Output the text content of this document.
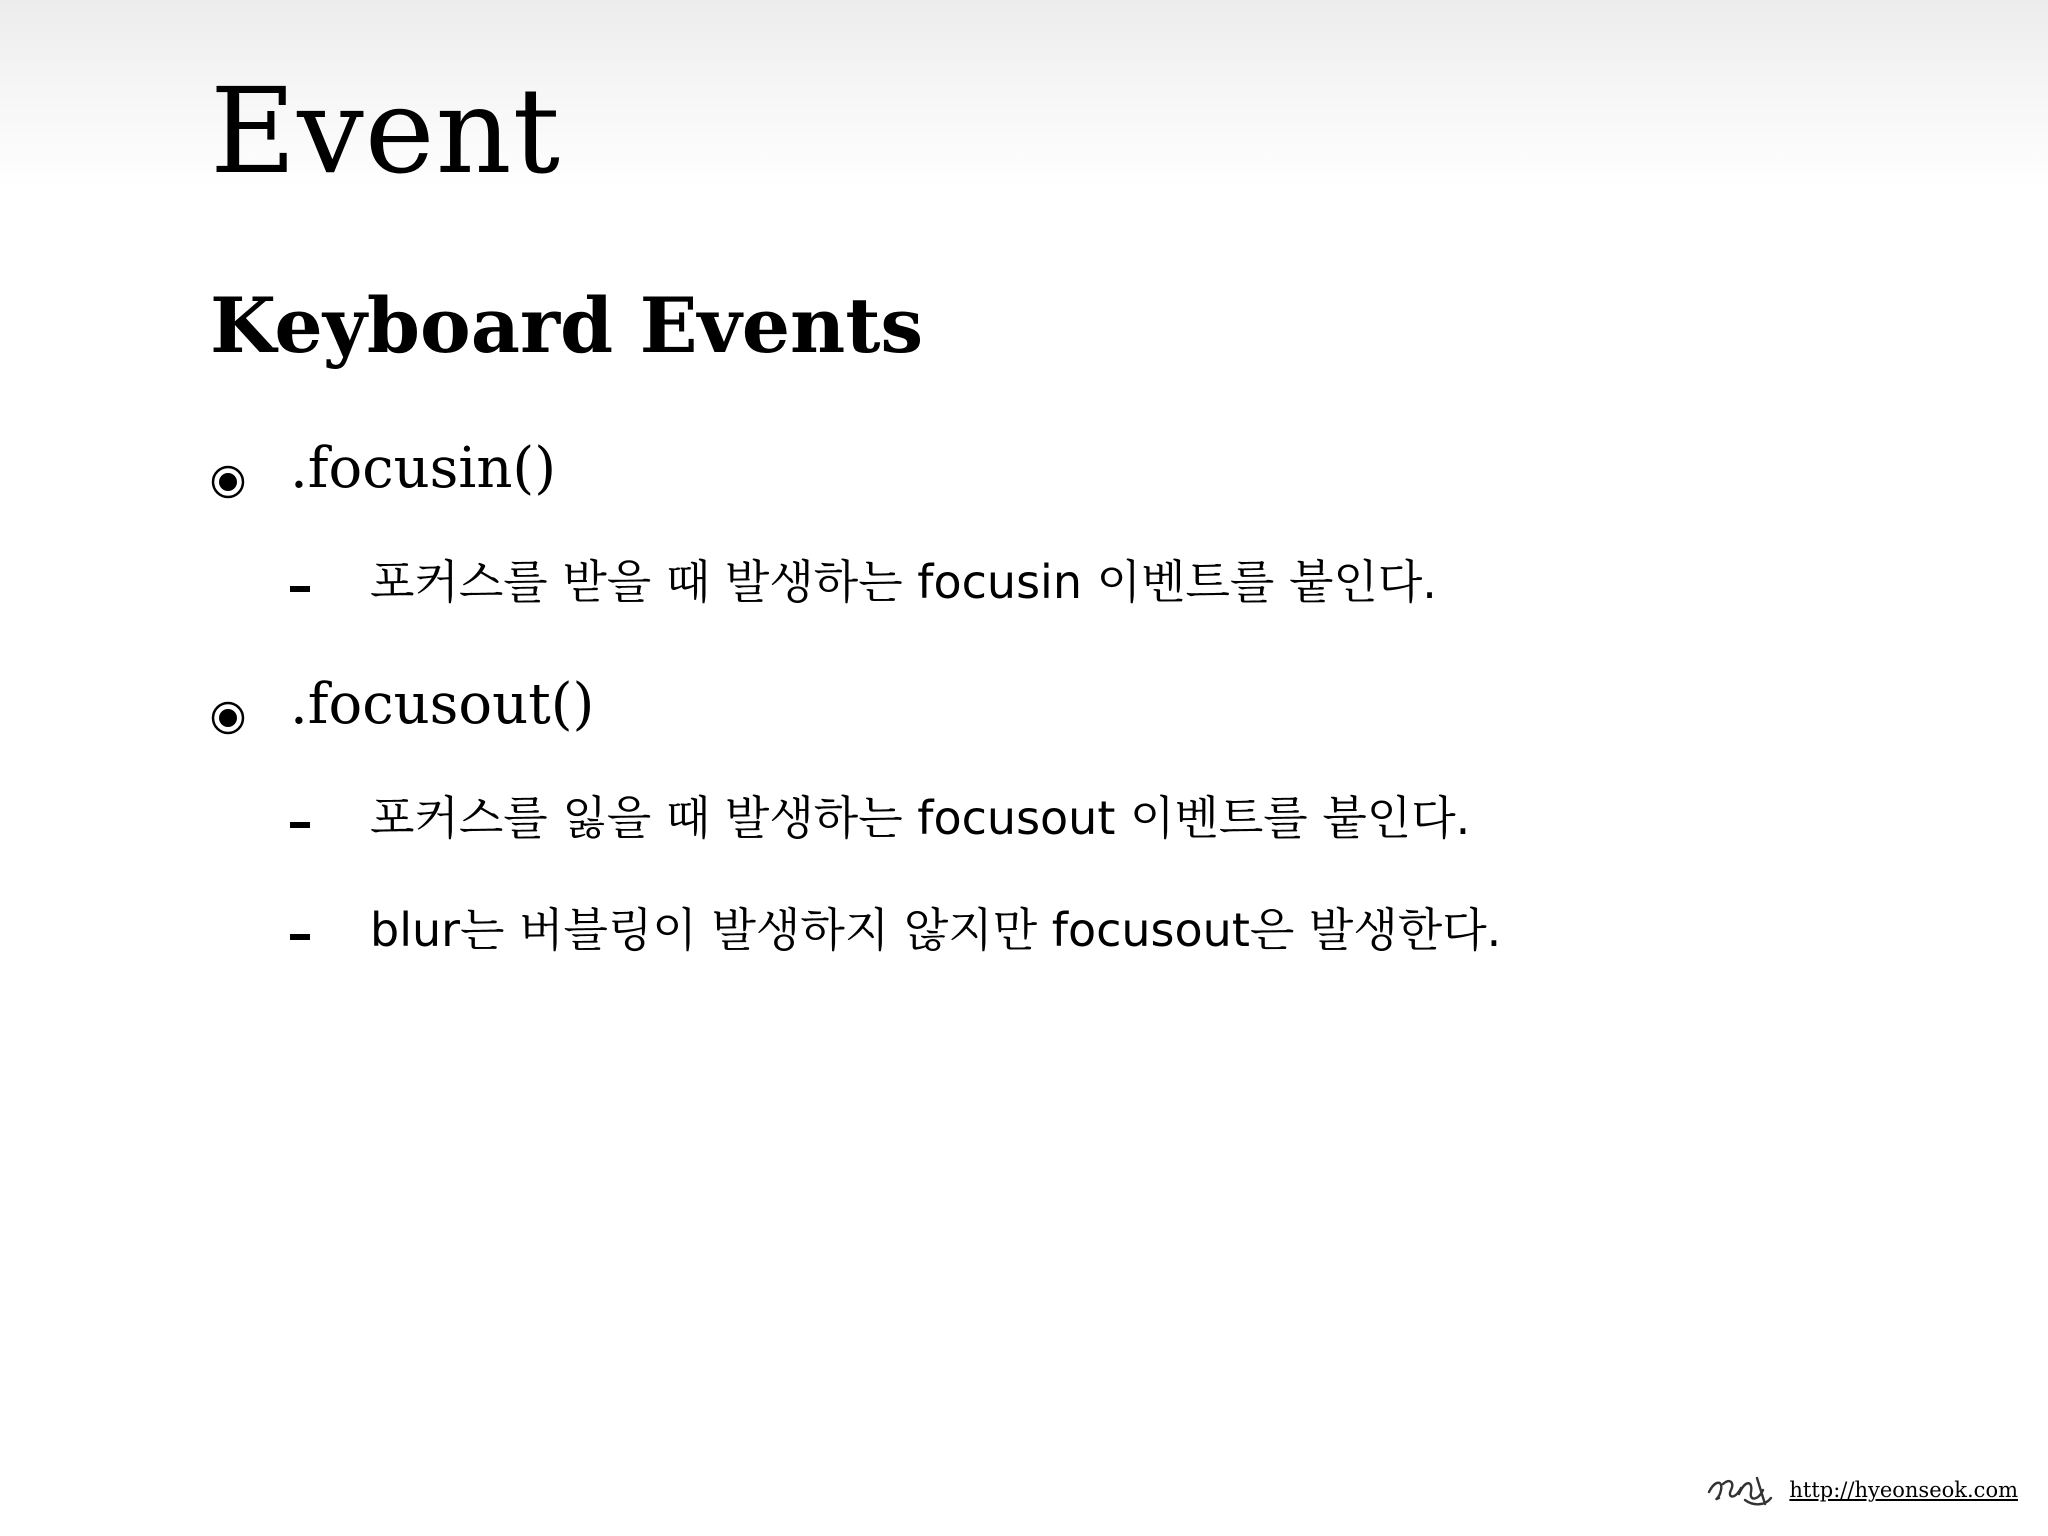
Event
Keyboard Events
.focusin()
포커스를 받을 때 발생하는 focusin 이벤트를 붙인다.
.focusout()
포커스를 잃을 때 발생하는 focusout 이벤트를 붙인다.
blur는 버블링이 발생하지 않지만 focusout은 발생한다.
http://hyeonseok.com
